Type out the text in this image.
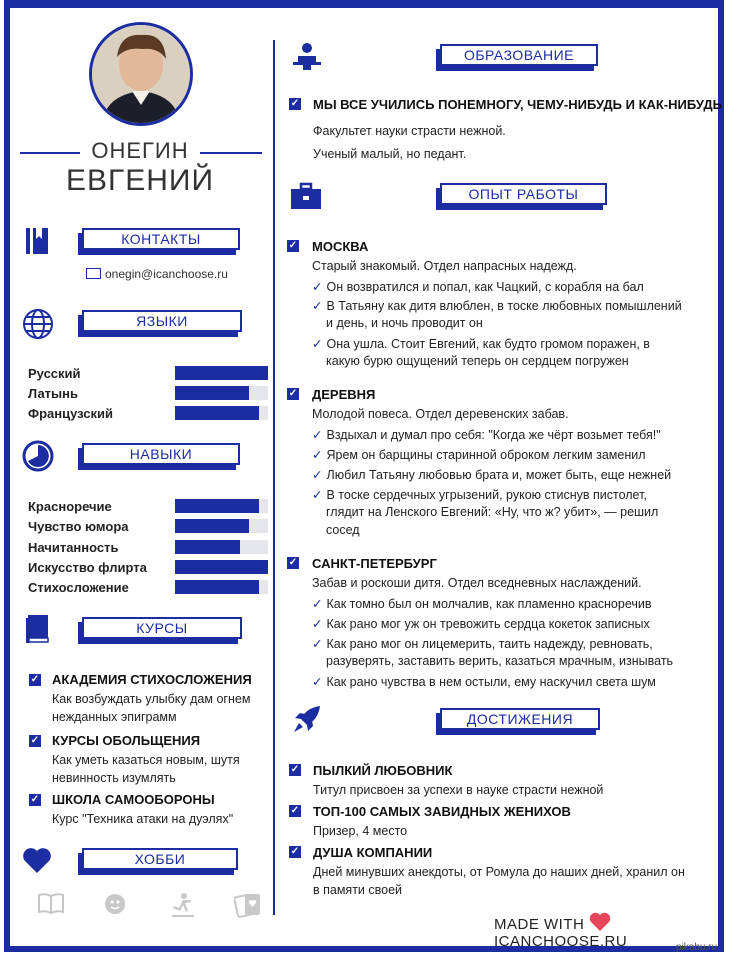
ОНЕГИН
ЕВГЕНИЙ
КОНТАКТЫ
onegin@icanchoose.ru
ЯЗЫКИ
Русский
Латынь
Французский
НАВЫКИ
Красноречие
Чувство юмора
Начитанность
Искусство флирта
Стихосложение
КУРСЫ
✓ АКАДЕМИЯ СТИХОСЛОЖЕНИЯ
Как возбуждать улыбку дам огнем
нежданных эпиграмм
✓ КУРСЫ ОБОЛЬЩЕНИЯ
Как уметь казаться новым, шутя
невинность изумлять
✓ ШКОЛА САМООБОРОНЫ
Курс "Техника атаки на дуэлях"
ХОББИ
ОБРАЗОВАНИЕ
✓ МЫ ВСЕ УЧИЛИСЬ ПОНЕМНОГУ, ЧЕМУ-НИБУДЬ И КАК-НИБУДЬ
Факультет науки страсти нежной.
Ученый малый, но педант.
ОПЫТ РАБОТЫ
✓ МОСКВА
Старый знакомый. Отдел напрасных надежд.
✓ Он возвратился и попал, как Чацкий, с корабля на бал
✓ В Татьяну как дитя влюблен, в тоске любовных помышлений
и день, и ночь проводит он
✓ Она ушла. Стоит Евгений, как будто громом поражен, в
какую бурю ощущений теперь он сердцем погружен
✓ ДЕРЕВНЯ
Молодой повеса. Отдел деревенских забав.
✓ Вздыхал и думал про себя: "Когда же чёрт возьмет тебя!"
✓ Ярем он барщины старинной оброком легким заменил
✓ Любил Татьяну любовью брата и, может быть, еще нежней
✓ В тоске сердечных угрызений, рукою стиснув пистолет,
глядит на Ленского Евгений: «Ну, что ж? убит», — решил
сосед
✓ САНКТ-ПЕТЕРБУРГ
Забав и роскоши дитя. Отдел вседневных наслаждений.
✓ Как томно был он молчалив, как пламенно красноречив
✓ Как рано мог уж он тревожить сердца кокеток записных
✓ Как рано мог он лицемерить, таить надежду, ревновать,
разуверять, заставить верить, казаться мрачным, изнывать
✓ Как рано чувства в нем остыли, ему наскучил света шум
ДОСТИЖЕНИЯ
✓ ПЫЛКИЙ ЛЮБОВНИК
Титул присвоен за успехи в науке страсти нежной
✓ ТОП-100 САМЫХ ЗАВИДНЫХ ЖЕНИХОВ
Призер, 4 место
✓ ДУША КОМПАНИИ
Дней минувших анекдоты, от Ромула до наших дней, хранил он
в памяти своей
MADE WITH ICANCHOOSE.RU	pikabu.ru
